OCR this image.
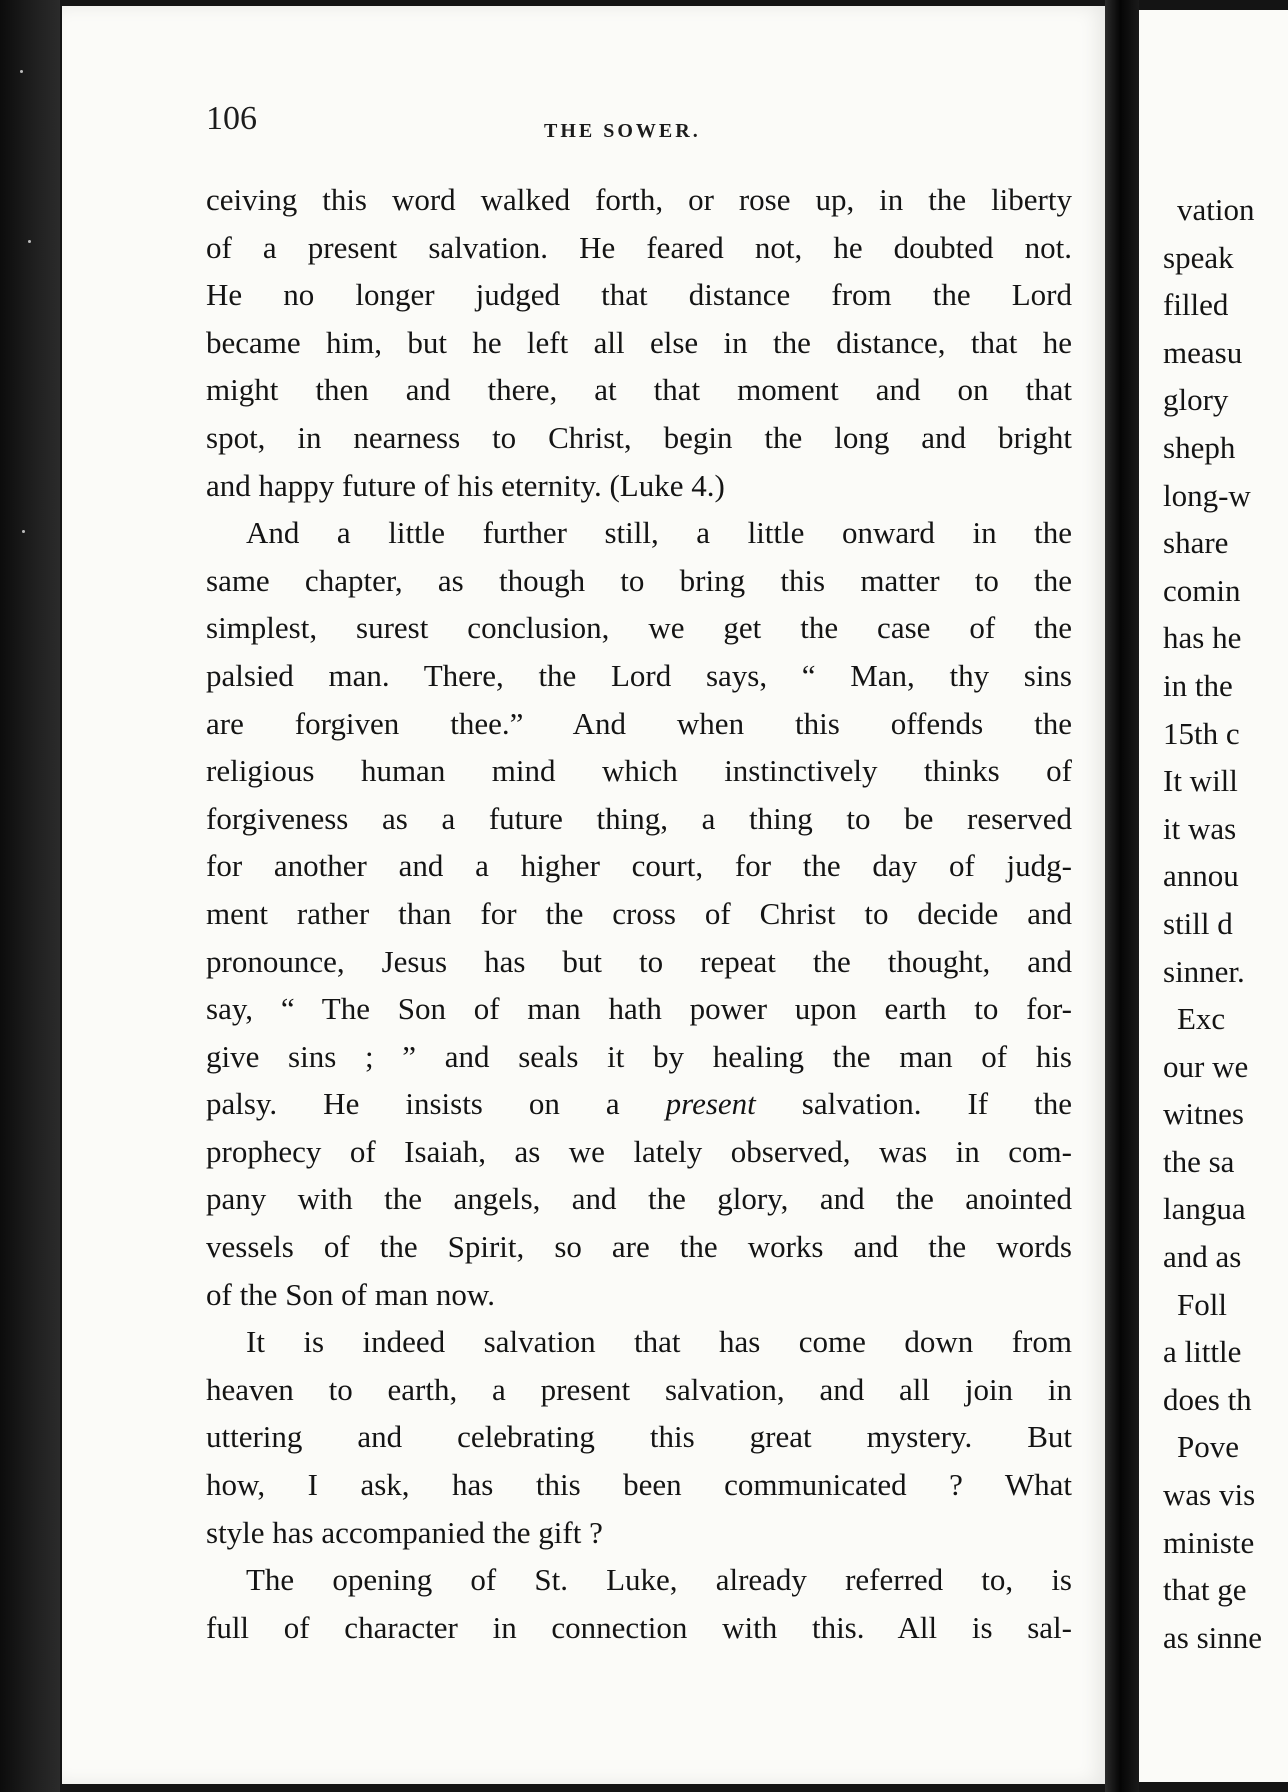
vation
speak
filled
measu
glory
sheph
long-w
share
comin
has he
in the
15th c
It will
it was
annou
still d
sinner.
Exc
our we
witnes
the sa
langua
and as
Foll
a little
does th
Pove
was vis
ministe
that ge
as sinne
106	THE SOWER.
ceiving this word walked forth, or rose up, in the liberty
of a present salvation. He feared not, he doubted not.
He no longer judged that distance from the Lord
became him, but he left all else in the distance, that he
might then and there, at that moment and on that
spot, in nearness to Christ, begin the long and bright
and happy future of his eternity. (Luke 4.)
And a little further still, a little onward in the
same chapter, as though to bring this matter to the
simplest, surest conclusion, we get the case of the
palsied man. There, the Lord says, “ Man, thy sins
are forgiven thee.” And when this offends the
religious human mind which instinctively thinks of
forgiveness as a future thing, a thing to be reserved
for another and a higher court, for the day of judg-
ment rather than for the cross of Christ to decide and
pronounce, Jesus has but to repeat the thought, and
say, “ The Son of man hath power upon earth to for-
give sins ; ” and seals it by healing the man of his
palsy. He insists on a present salvation. If the
prophecy of Isaiah, as we lately observed, was in com-
pany with the angels, and the glory, and the anointed
vessels of the Spirit, so are the works and the words
of the Son of man now.
It is indeed salvation that has come down from
heaven to earth, a present salvation, and all join in
uttering and celebrating this great mystery. But
how, I ask, has this been communicated ? What
style has accompanied the gift ?
The opening of St. Luke, already referred to, is
full of character in connection with this. All is sal-
